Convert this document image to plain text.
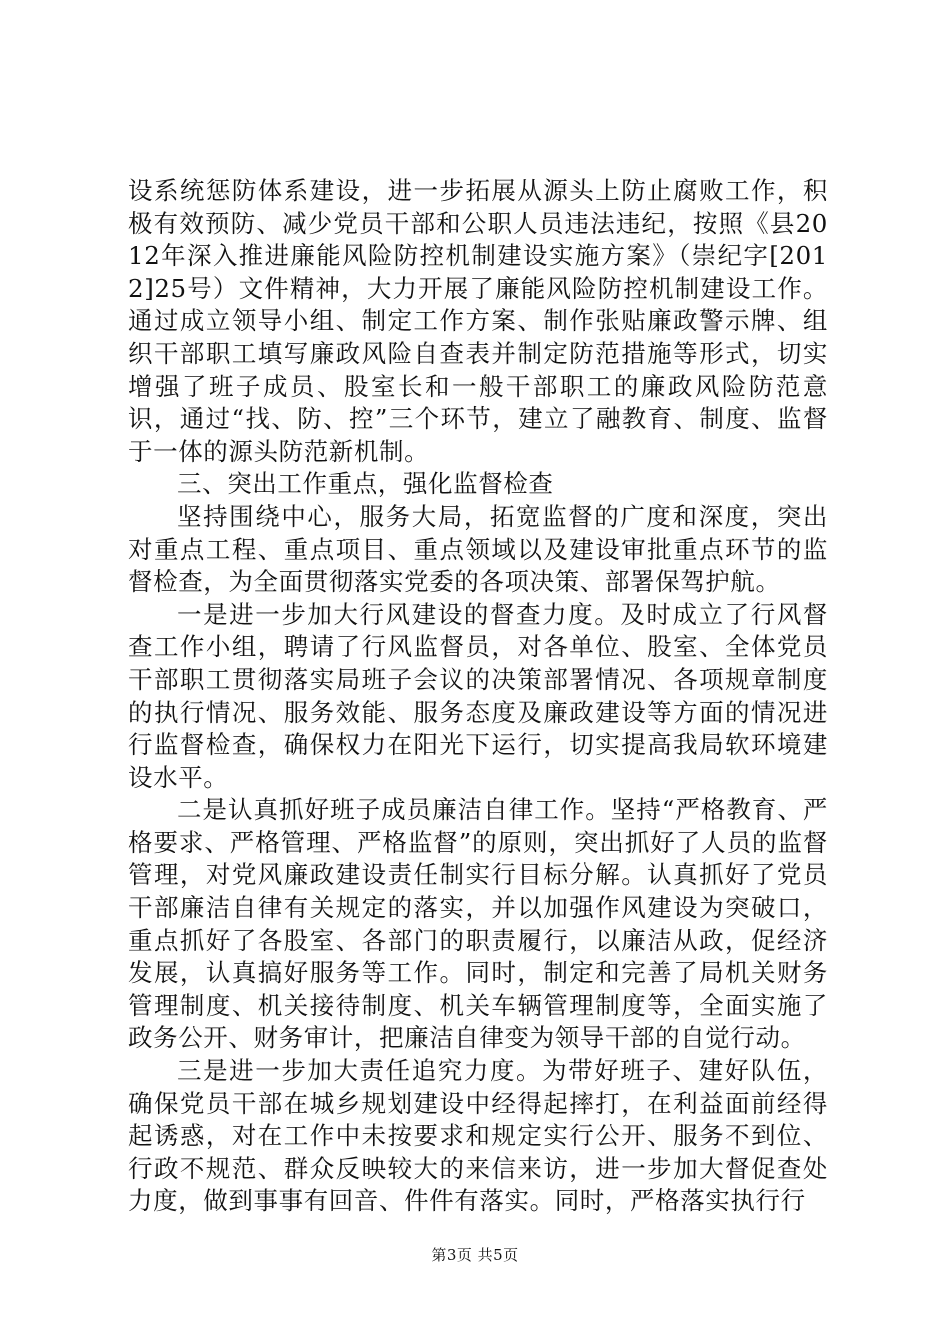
设系统惩防体系建设，进一步拓展从源头上防止腐败工作，积极有效预防、减少党员干部和公职人员违法违纪，按照《县2012年深入推进廉能风险防控机制建设实施方案》（崇纪字[2012]25号）文件精神，大力开展了廉能风险防控机制建设工作。通过成立领导小组、制定工作方案、制作张贴廉政警示牌、组织干部职工填写廉政风险自查表并制定防范措施等形式，切实增强了班子成员、股室长和一般干部职工的廉政风险防范意识，通过“找、防、控”三个环节，建立了融教育、制度、监督于一体的源头防范新机制。

三、突出工作重点，强化监督检查

坚持围绕中心，服务大局，拓宽监督的广度和深度，突出对重点工程、重点项目、重点领域以及建设审批重点环节的监督检查，为全面贯彻落实党委的各项决策、部署保驾护航。

一是进一步加大行风建设的督查力度。及时成立了行风督查工作小组，聘请了行风监督员，对各单位、股室、全体党员干部职工贯彻落实局班子会议的决策部署情况、各项规章制度的执行情况、服务效能、服务态度及廉政建设等方面的情况进行监督检查，确保权力在阳光下运行，切实提高我局软环境建设水平。

二是认真抓好班子成员廉洁自律工作。坚持“严格教育、严格要求、严格管理、严格监督”的原则，突出抓好了人员的监督管理，对党风廉政建设责任制实行目标分解。认真抓好了党员干部廉洁自律有关规定的落实，并以加强作风建设为突破口，重点抓好了各股室、各部门的职责履行，以廉洁从政，促经济发展，认真搞好服务等工作。同时，制定和完善了局机关财务管理制度、机关接待制度、机关车辆管理制度等，全面实施了政务公开、财务审计，把廉洁自律变为领导干部的自觉行动。

三是进一步加大责任追究力度。为带好班子、建好队伍，确保党员干部在城乡规划建设中经得起摔打，在利益面前经得起诱惑，对在工作中未按要求和规定实行公开、服务不到位、行政不规范、群众反映较大的来信来访，进一步加大督促查处力度，做到事事有回音、件件有落实。同时，严格落实执行行

第3页 共5页
